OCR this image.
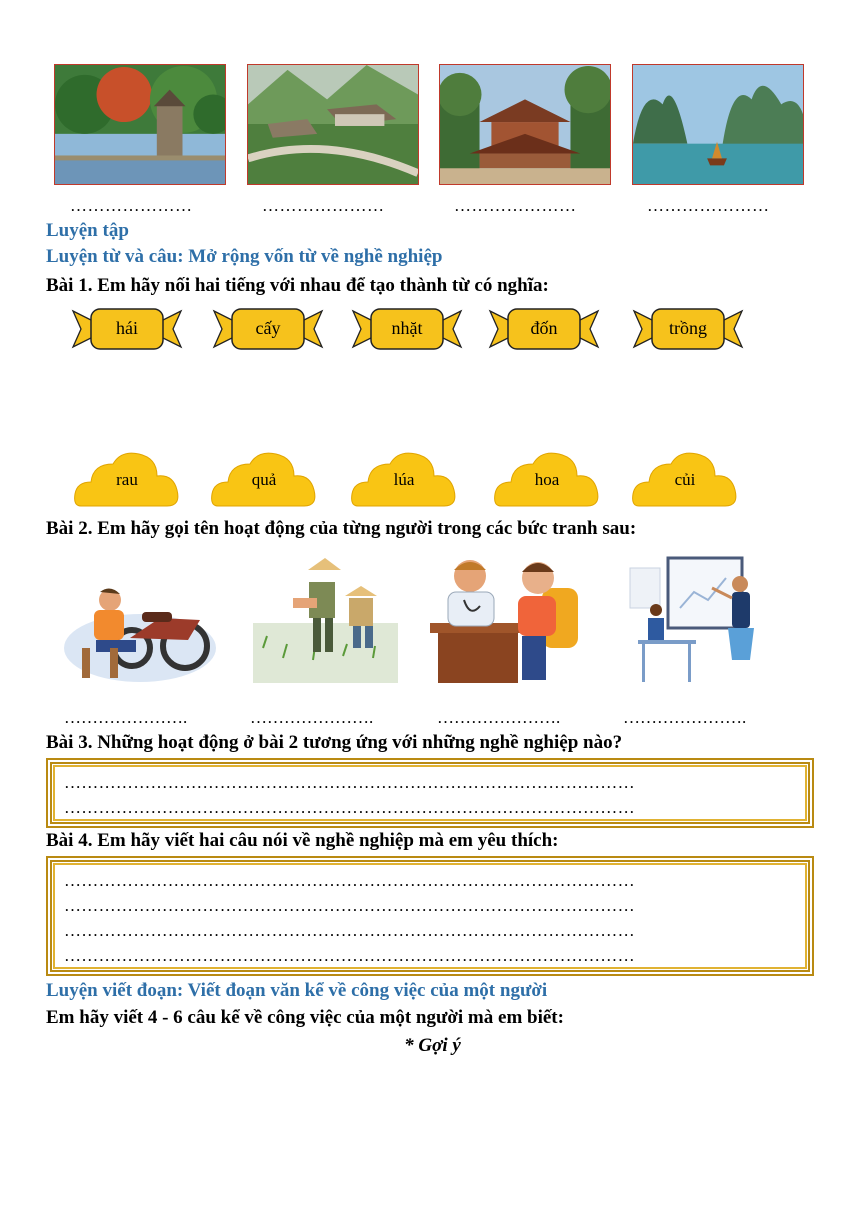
…………………	…………………	…………………	…………………
Luyện tập
Luyện từ và câu: Mở rộng vốn từ về nghề nghiệp
Bài 1. Em hãy nối hai tiếng với nhau để tạo thành từ có nghĩa:
hái	cấy	nhặt	đốn	trồng
rau	quả	lúa	hoa	củi
Bài 2. Em hãy gọi tên hoạt động của từng người trong các bức tranh sau:
………………….	………………….	………………….	………………….
Bài 3. Những hoạt động ở bài 2 tương ứng với những nghề nghiệp nào?
………………………………………………………………………………………
………………………………………………………………………………………
Bài 4. Em hãy viết hai câu nói về nghề nghiệp mà em yêu thích:
………………………………………………………………………………………
………………………………………………………………………………………
………………………………………………………………………………………
………………………………………………………………………………………
Luyện viết đoạn: Viết đoạn văn kể về công việc của một người
Em hãy viết 4 - 6 câu kể về công việc của một người mà em biết:
* Gợi ý
